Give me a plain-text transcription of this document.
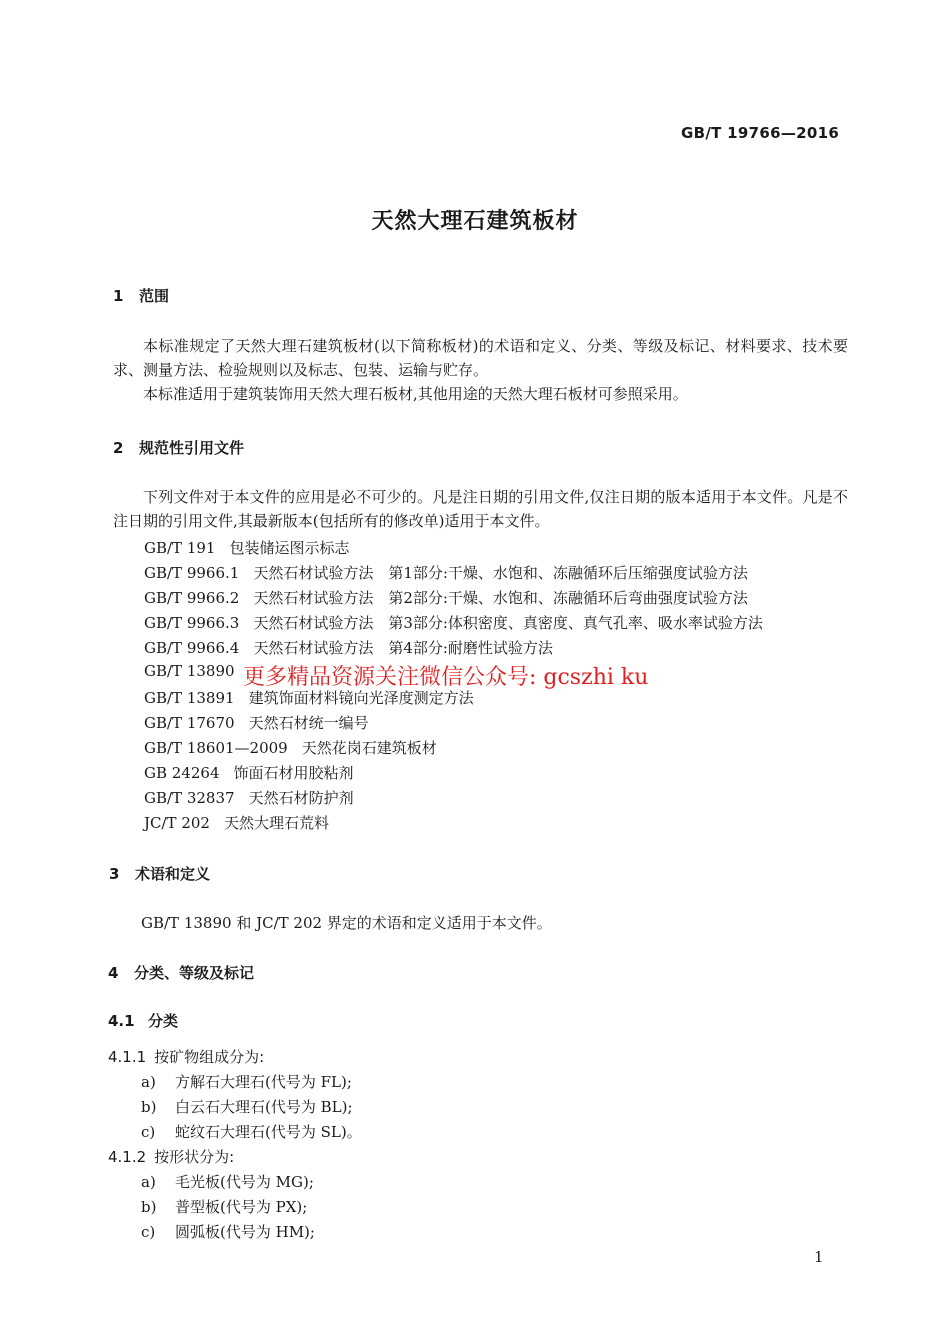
GB/T 19766—2016
天然大理石建筑板材
1 范围
本标准规定了天然大理石建筑板材(以下简称板材)的术语和定义、分类、等级及标记、材料要求、技术要求、测量方法、检验规则以及标志、包装、运输与贮存。
本标准适用于建筑装饰用天然大理石板材,其他用途的天然大理石板材可参照采用。
2 规范性引用文件
下列文件对于本文件的应用是必不可少的。凡是注日期的引用文件,仅注日期的版本适用于本文件。凡是不注日期的引用文件,其最新版本(包括所有的修改单)适用于本文件。
GB/T 191 包装储运图示标志
GB/T 9966.1 天然石材试验方法　第1部分:干燥、水饱和、冻融循环后压缩强度试验方法
GB/T 9966.2 天然石材试验方法　第2部分:干燥、水饱和、冻融循环后弯曲强度试验方法
GB/T 9966.3 天然石材试验方法　第3部分:体积密度、真密度、真气孔率、吸水率试验方法
GB/T 9966.4 天然石材试验方法　第4部分:耐磨性试验方法
GB/T 13890
GB/T 13891 建筑饰面材料镜向光泽度测定方法
GB/T 17670 天然石材统一编号
GB/T 18601—2009 天然花岗石建筑板材
GB 24264 饰面石材用胶粘剂
GB/T 32837 天然石材防护剂
JC/T 202 天然大理石荒料
更多精品资源关注微信公众号: gcszhi ku
3 术语和定义
GB/T 13890 和 JC/T 202 界定的术语和定义适用于本文件。
4 分类、等级及标记
4.1 分类
4.1.1 按矿物组成分为:
a) 方解石大理石(代号为 FL);
b) 白云石大理石(代号为 BL);
c) 蛇纹石大理石(代号为 SL)。
4.1.2 按形状分为:
a) 毛光板(代号为 MG);
b) 普型板(代号为 PX);
c) 圆弧板(代号为 HM);
1
